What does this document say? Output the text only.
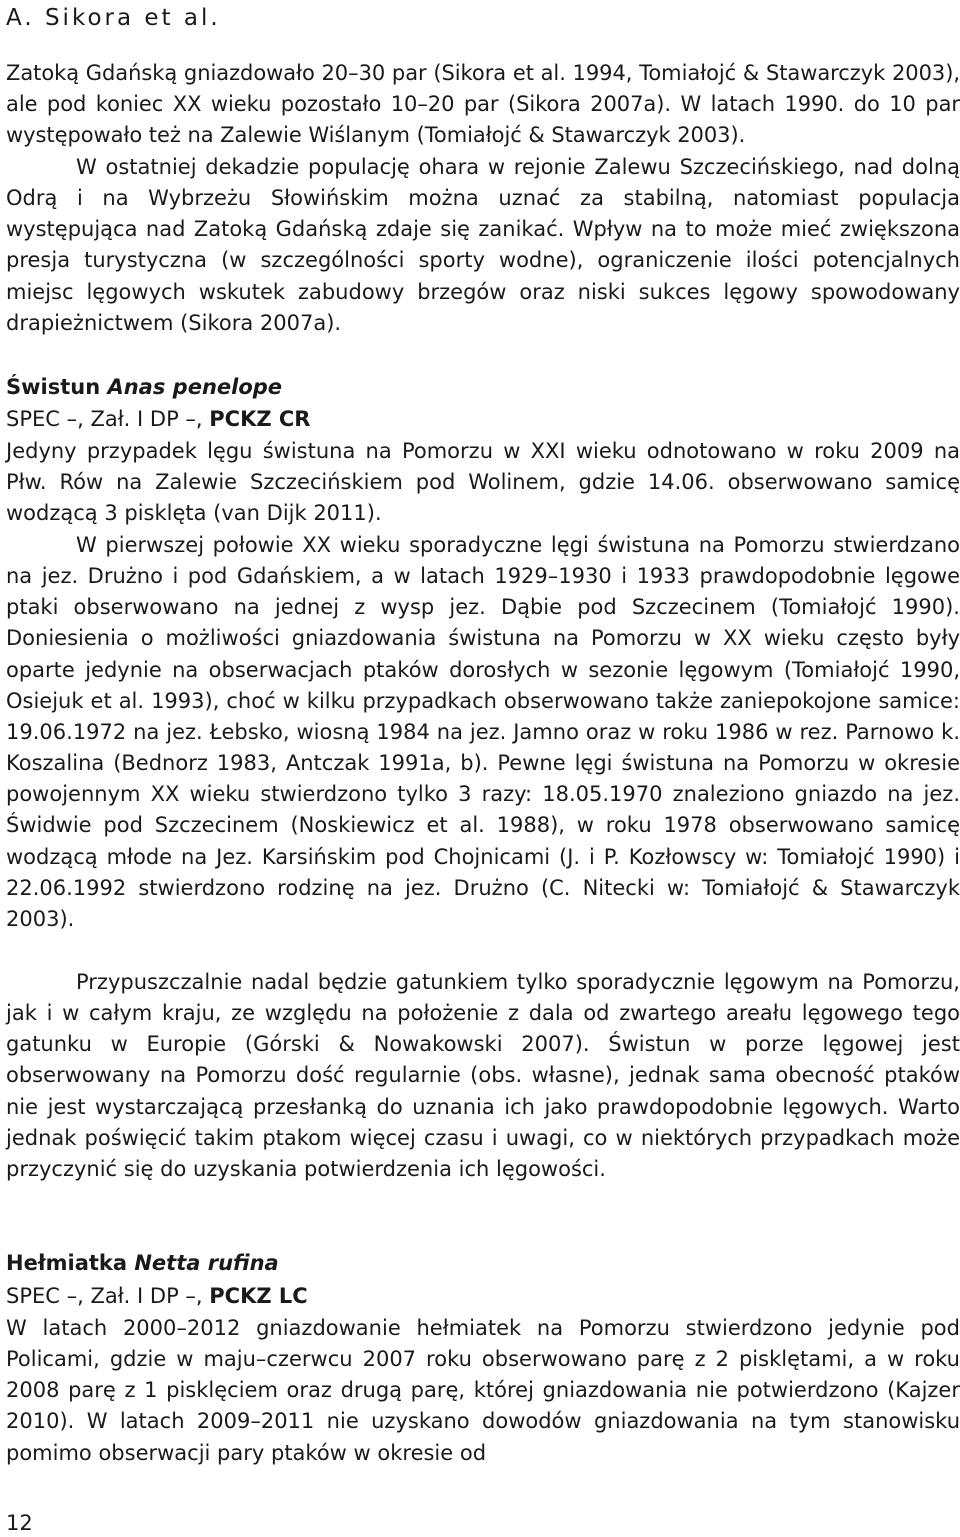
A. Sikora et al.

Zatoką Gdańską gniazdowało 20–30 par (Sikora et al. 1994, Tomiałojć & Stawarczyk 2003), ale pod koniec XX wieku pozostało 10–20 par (Sikora 2007a). W latach 1990. do 10 par występowało też na Zalewie Wiślanym (Tomiałojć & Stawarczyk 2003).

W ostatniej dekadzie populację ohara w rejonie Zalewu Szczecińskiego, nad dolną Odrą i na Wybrzeżu Słowińskim można uznać za stabilną, natomiast populacja występująca nad Zatoką Gdańską zdaje się zanikać. Wpływ na to może mieć zwiększona presja turystyczna (w szczególności sporty wodne), ograniczenie ilości potencjalnych miejsc lęgowych wskutek zabudowy brzegów oraz niski sukces lęgowy spowodowany drapieżnictwem (Sikora 2007a).

Świstun Anas penelope
SPEC –, Zał. I DP –, PCKZ CR

Jedyny przypadek lęgu świstuna na Pomorzu w XXI wieku odnotowano w roku 2009 na Płw. Rów na Zalewie Szczecińskiem pod Wolinem, gdzie 14.06. obserwowano samicę wodzącą 3 pisklęta (van Dijk 2011).

W pierwszej połowie XX wieku sporadyczne lęgi świstuna na Pomorzu stwierdzano na jez. Drużno i pod Gdańskiem, a w latach 1929–1930 i 1933 prawdopodobnie lęgowe ptaki obserwowano na jednej z wysp jez. Dąbie pod Szczecinem (Tomiałojć 1990). Doniesienia o możliwości gniazdowania świstuna na Pomorzu w XX wieku często były oparte jedynie na obserwacjach ptaków dorosłych w sezonie lęgowym (Tomiałojć 1990, Osiejuk et al. 1993), choć w kilku przypadkach obserwowano także zaniepokojone samice: 19.06.1972 na jez. Łebsko, wiosną 1984 na jez. Jamno oraz w roku 1986 w rez. Parnowo k. Koszalina (Bednorz 1983, Antczak 1991a, b). Pewne lęgi świstuna na Pomorzu w okresie powojennym XX wieku stwierdzono tylko 3 razy: 18.05.1970 znaleziono gniazdo na jez. Świdwie pod Szczecinem (Noskiewicz et al. 1988), w roku 1978 obserwowano samicę wodzącą młode na Jez. Karsińskim pod Chojnicami (J. i P. Kozłowscy w: Tomiałojć 1990) i 22.06.1992 stwierdzono rodzinę na jez. Drużno (C. Nitecki w: Tomiałojć & Stawarczyk 2003).

Przypuszczalnie nadal będzie gatunkiem tylko sporadycznie lęgowym na Pomorzu, jak i w całym kraju, ze względu na położenie z dala od zwartego areału lęgowego tego gatunku w Europie (Górski & Nowakowski 2007). Świstun w porze lęgowej jest obserwowany na Pomorzu dość regularnie (obs. własne), jednak sama obecność ptaków nie jest wystarczającą przesłanką do uznania ich jako prawdopodobnie lęgowych. Warto jednak poświęcić takim ptakom więcej czasu i uwagi, co w niektórych przypadkach może przyczynić się do uzyskania potwierdzenia ich lęgowości.

Hełmiatka Netta rufina
SPEC –, Zał. I DP –, PCKZ LC

W latach 2000–2012 gniazdowanie hełmiatek na Pomorzu stwierdzono jedynie pod Policami, gdzie w maju–czerwcu 2007 roku obserwowano parę z 2 pisklętami, a w roku 2008 parę z 1 pisklęciem oraz drugą parę, której gniazdowania nie potwierdzono (Kajzer 2010). W latach 2009–2011 nie uzyskano dowodów gniazdowania na tym stanowisku pomimo obserwacji pary ptaków w okresie od

12
